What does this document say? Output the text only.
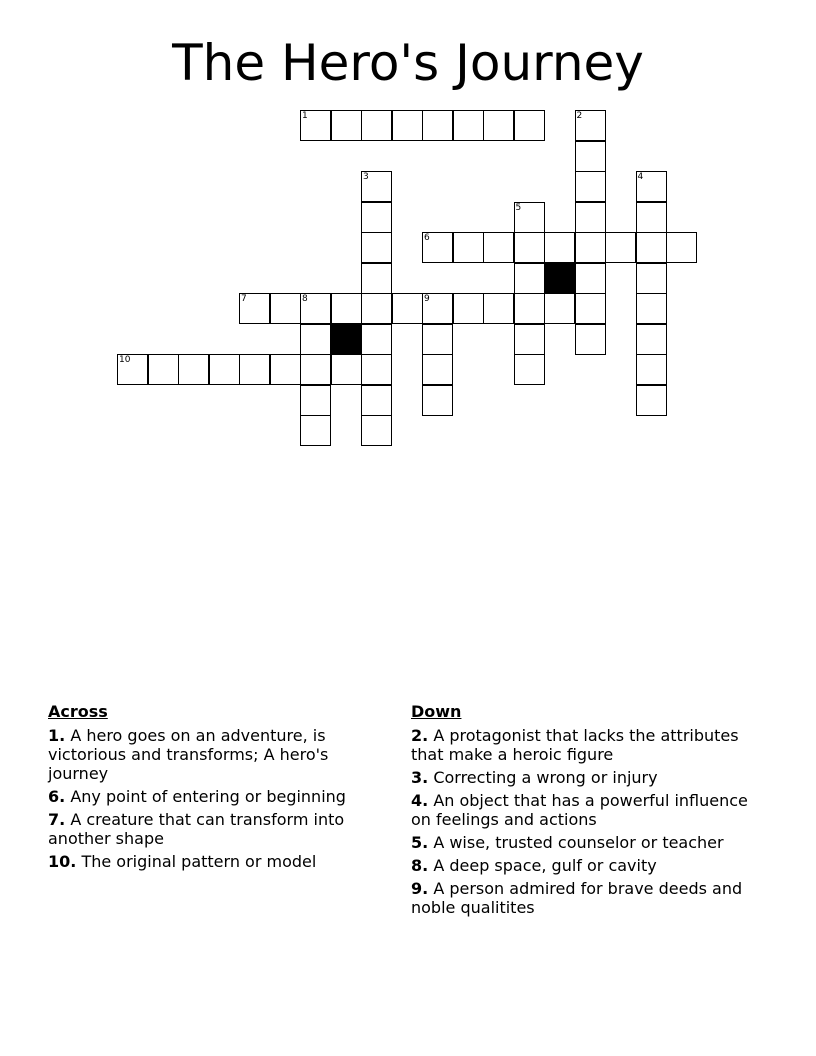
The Hero's Journey
1
6
7	8	9
10
2
3	4
5
Across
1. A hero goes on an adventure, is victorious and transforms; A hero's journey
6. Any point of entering or beginning
7. A creature that can transform into another shape
10. The original pattern or model
Down
2. A protagonist that lacks the attributes that make a heroic figure
3. Correcting a wrong or injury
4. An object that has a powerful influence on feelings and actions
5. A wise, trusted counselor or teacher
8. A deep space, gulf or cavity
9. A person admired for brave deeds and noble qualitites
